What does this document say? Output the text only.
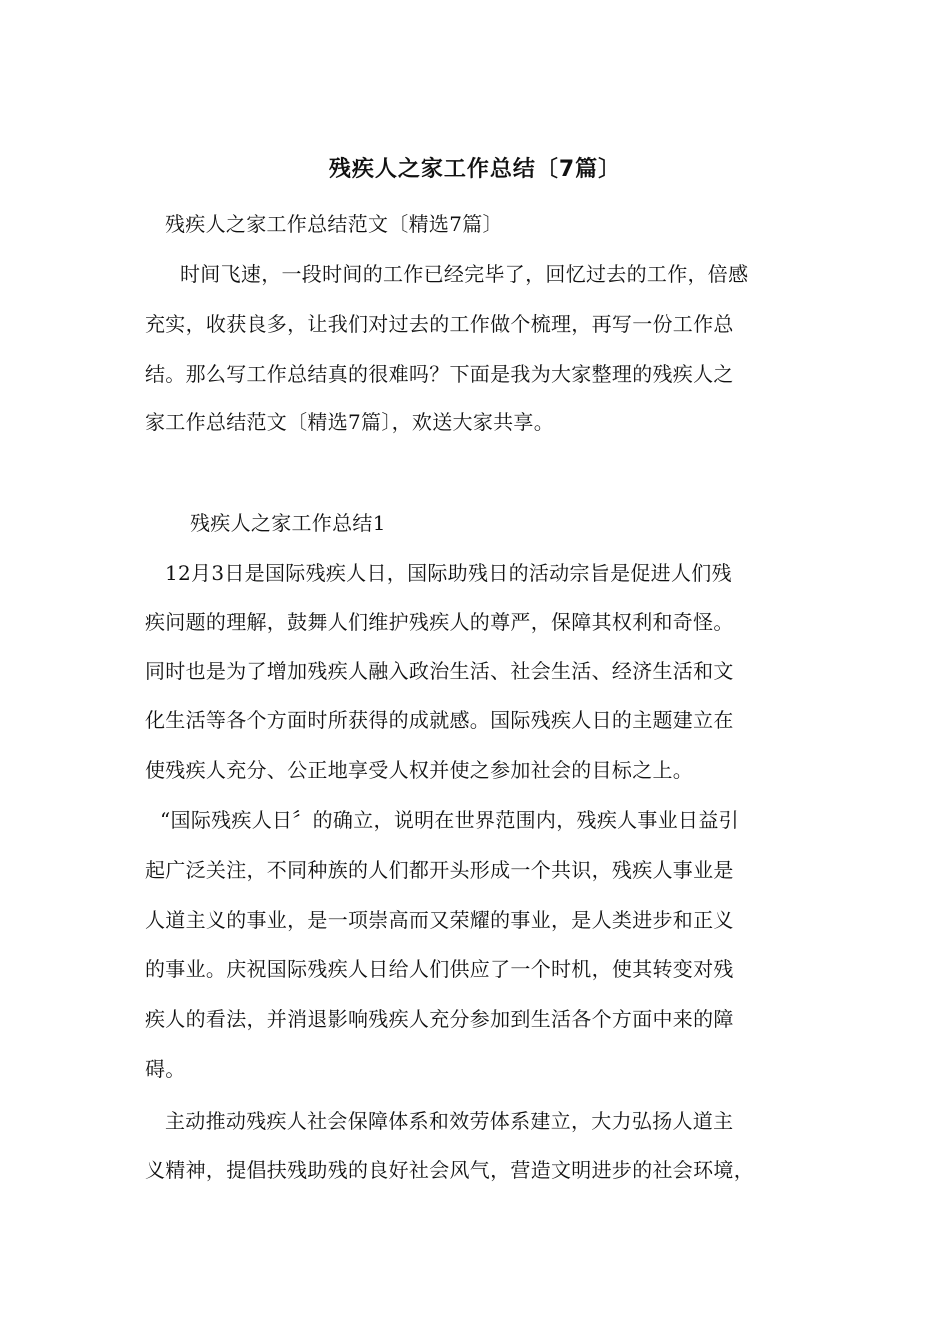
残疾人之家工作总结〔7篇〕
残疾人之家工作总结范文〔精选7篇〕
时间飞速，一段时间的工作已经完毕了，回忆过去的工作，倍感
充实，收获良多，让我们对过去的工作做个梳理，再写一份工作总
结。那么写工作总结真的很难吗？下面是我为大家整理的残疾人之
家工作总结范文〔精选7篇〕，欢送大家共享。
残疾人之家工作总结1
12月3日是国际残疾人日，国际助残日的活动宗旨是促进人们残
疾问题的理解，鼓舞人们维护残疾人的尊严，保障其权利和奇怪。
同时也是为了增加残疾人融入政治生活、社会生活、经济生活和文
化生活等各个方面时所获得的成就感。国际残疾人日的主题建立在
使残疾人充分、公正地享受人权并使之参加社会的目标之上。
“国际残疾人日〞的确立，说明在世界范围内，残疾人事业日益引
起广泛关注，不同种族的人们都开头形成一个共识，残疾人事业是
人道主义的事业，是一项崇高而又荣耀的事业，是人类进步和正义
的事业。庆祝国际残疾人日给人们供应了一个时机，使其转变对残
疾人的看法，并消退影响残疾人充分参加到生活各个方面中来的障
碍。
主动推动残疾人社会保障体系和效劳体系建立，大力弘扬人道主
义精神，提倡扶残助残的良好社会风气，营造文明进步的社会环境，
